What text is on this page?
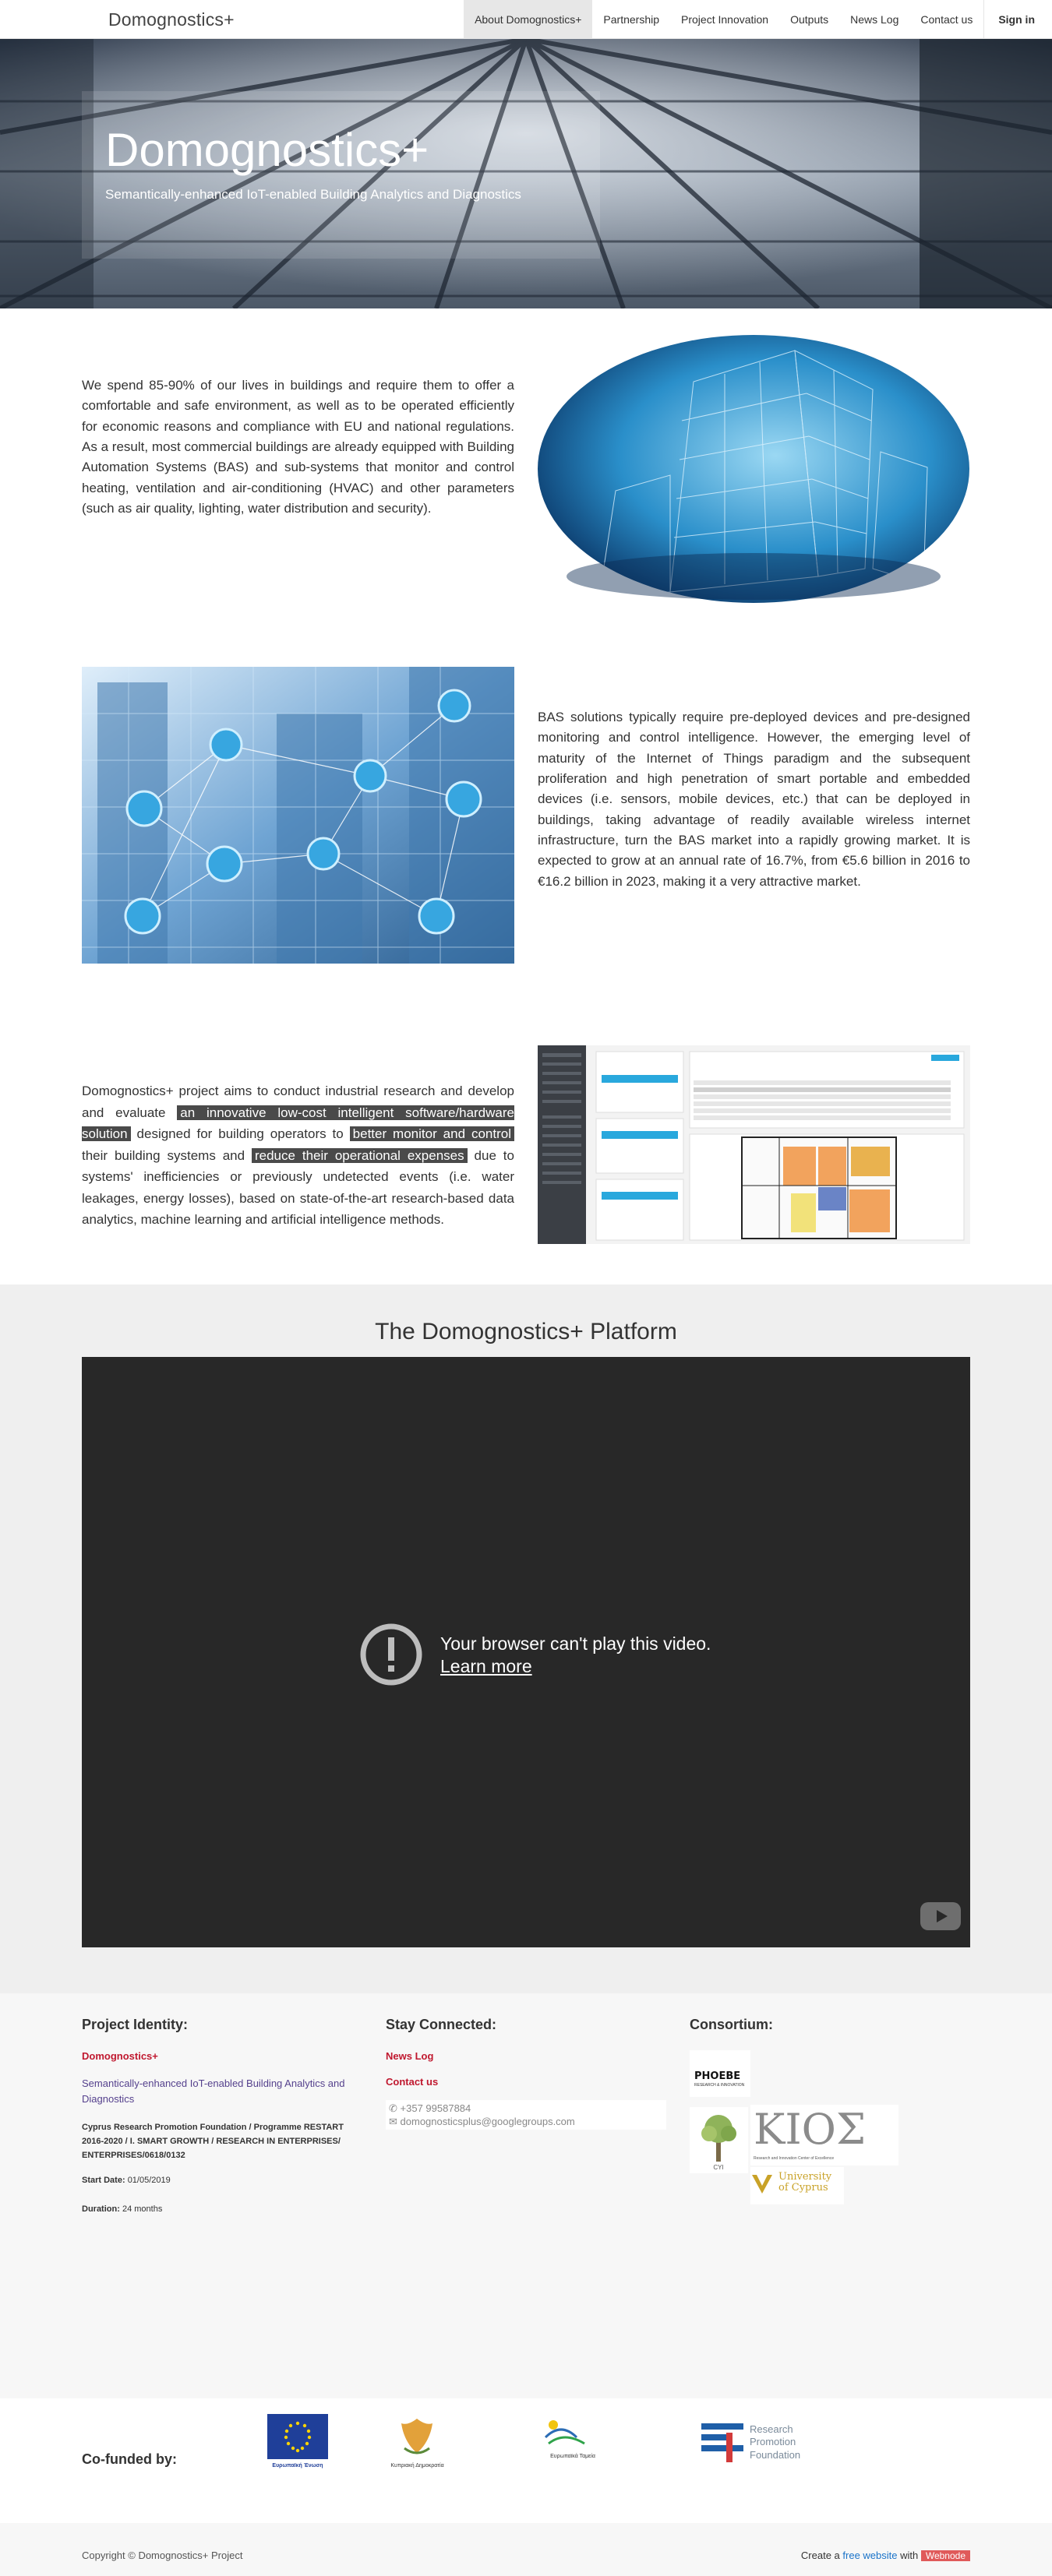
Domognostics+	About Domognostics+	Partnership	Project Innovation	Outputs	News Log	Contact us	Sign in
Domognostics+
Semantically-enhanced IoT-enabled Building Analytics and Diagnostics

We spend 85-90% of our lives in buildings and require them to offer a comfortable and safe environment, as well as to be operated efficiently for economic reasons and compliance with EU and national regulations. As a result, most commercial buildings are already equipped with Building Automation Systems (BAS) and sub-systems that monitor and control heating, ventilation and air-conditioning (HVAC) and other parameters (such as air quality, lighting, water distribution and security).

BAS solutions typically require pre-deployed devices and pre-designed monitoring and control intelligence. However, the emerging level of maturity of the Internet of Things paradigm and the subsequent proliferation and high penetration of smart portable and embedded devices (i.e. sensors, mobile devices, etc.) that can be deployed in buildings, taking advantage of readily available wireless internet infrastructure, turn the BAS market into a rapidly growing market. It is expected to grow at an annual rate of 16.7%, from €5.6 billion in 2016 to €16.2 billion in 2023, making it a very attractive market.

Domognostics+ project aims to conduct industrial research and develop and evaluate an innovative low-cost intelligent software/hardware solution designed for building operators to better monitor and control their building systems and reduce their operational expenses due to systems' inefficiencies or previously undetected events (i.e. water leakages, energy losses), based on state-of-the-art research-based data analytics, machine learning and artificial intelligence methods.

The Domognostics+ Platform
Your browser can't play this video.
Learn more
Project Identity:
Domognostics+
Semantically-enhanced IoT-enabled Building Analytics and Diagnostics
Cyprus Research Promotion Foundation / Programme RESTART 2016-2020 / I. SMART GROWTH / RESEARCH IN ENTERPRISES/ ENTERPRISES/0618/0132
Start Date: 01/05/2019
Duration: 24 months
Stay Connected:
News Log
Contact us
✆ +357 99587884
✉ domognosticsplus@googlegroups.com
Consortium:
PHOEBE
RESEARCH & INNOVATION
CYI
ΚΙΟΣ
Research and Innovation Center of Excellence
University
of Cyprus
Co-funded by:	Ευρωπαϊκή Ένωση	Κυπριακή Δημοκρατία
Ευρωπαϊκά Ταμεία
Research
Promotion
Foundation
Copyright © Domognostics+ Project	Create a free website with Webnode
